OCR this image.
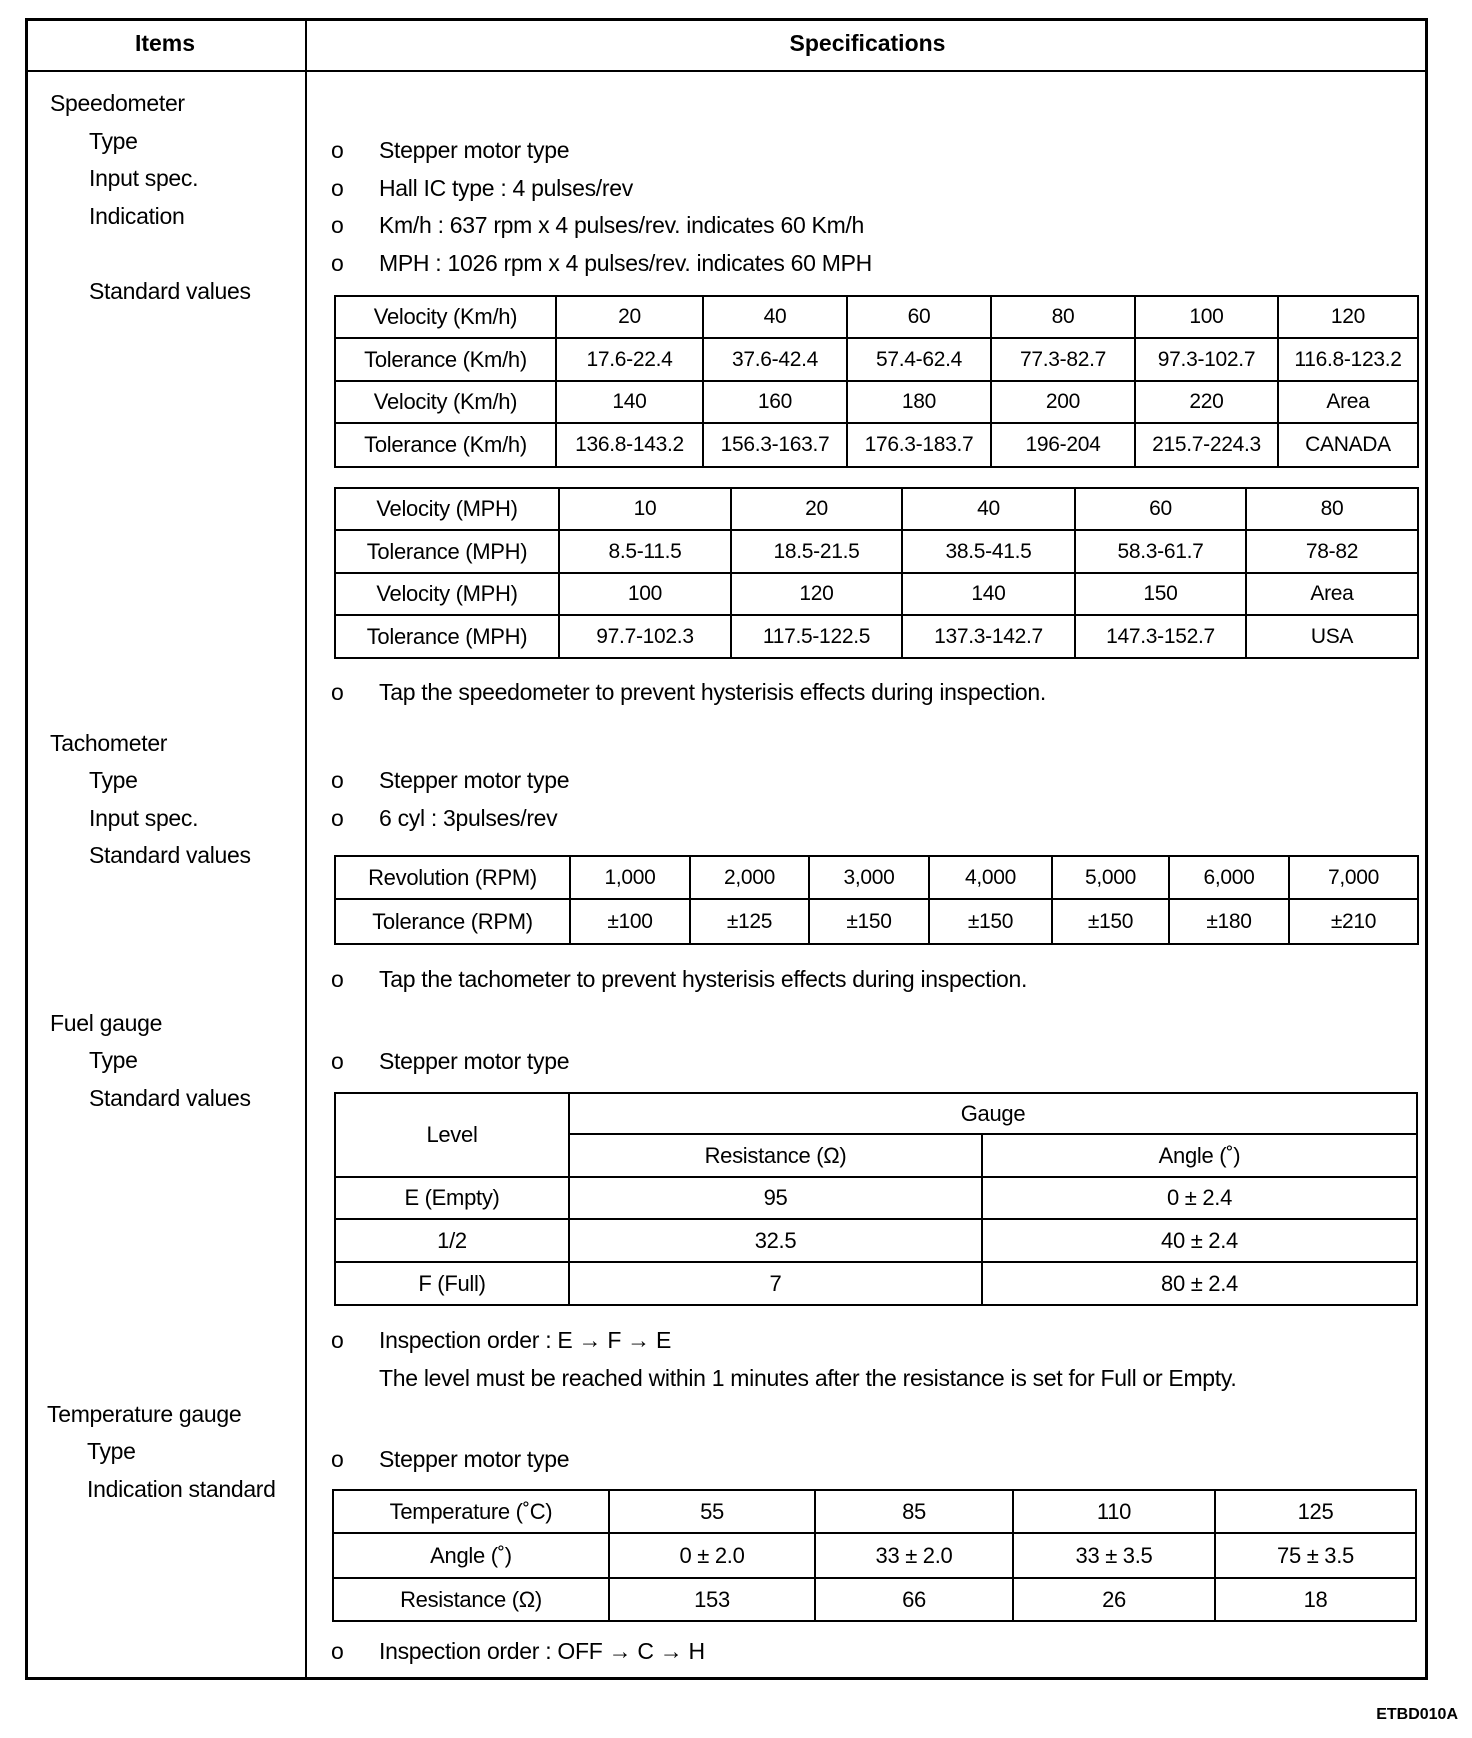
Items	Specifications
Speedometer
Type
Input spec.
Indication
Standard values
o Stepper motor type
o Hall IC type : 4 pulses/rev
o Km/h : 637 rpm x 4 pulses/rev. indicates 60 Km/h
o MPH : 1026 rpm x 4 pulses/rev. indicates 60 MPH
Velocity (Km/h)	20	40	60	80	100	120
Tolerance (Km/h)	17.6-22.4	37.6-42.4	57.4-62.4	77.3-82.7	97.3-102.7	116.8-123.2
Velocity (Km/h)	140	160	180	200	220	Area
Tolerance (Km/h)	136.8-143.2	156.3-163.7	176.3-183.7	196-204	215.7-224.3	CANADA
Velocity (MPH)	10	20	40	60	80
Tolerance (MPH)	8.5-11.5	18.5-21.5	38.5-41.5	58.3-61.7	78-82
Velocity (MPH)	100	120	140	150	Area
Tolerance (MPH)	97.7-102.3	117.5-122.5	137.3-142.7	147.3-152.7	USA
o Tap the speedometer to prevent hysterisis effects during inspection.
Tachometer
Type
Input spec.
Standard values
o Stepper motor type
o 6 cyl : 3pulses/rev
Revolution (RPM)	1,000	2,000	3,000	4,000	5,000	6,000	7,000
Tolerance (RPM)	±100	±125	±150	±150	±150	±180	±210
o Tap the tachometer to prevent hysterisis effects during inspection.
Fuel gauge
Type
Standard values
o Stepper motor type
Level	Gauge	
	Resistance (Ω)	Angle (˚)
E (Empty)	95	0 ± 2.4
1/2	32.5	40 ± 2.4
F (Full)	7	80 ± 2.4
o Inspection order : E → F → E
The level must be reached within 1 minutes after the resistance is set for Full or Empty.
Temperature gauge
Type
Indication standard
o Stepper motor type
Temperature (˚C)	55	85	110	125
Angle (˚)	0 ± 2.0	33 ± 2.0	33 ± 3.5	75 ± 3.5
Resistance (Ω)	153	66	26	18
o Inspection order : OFF → C → H
ETBD010A
